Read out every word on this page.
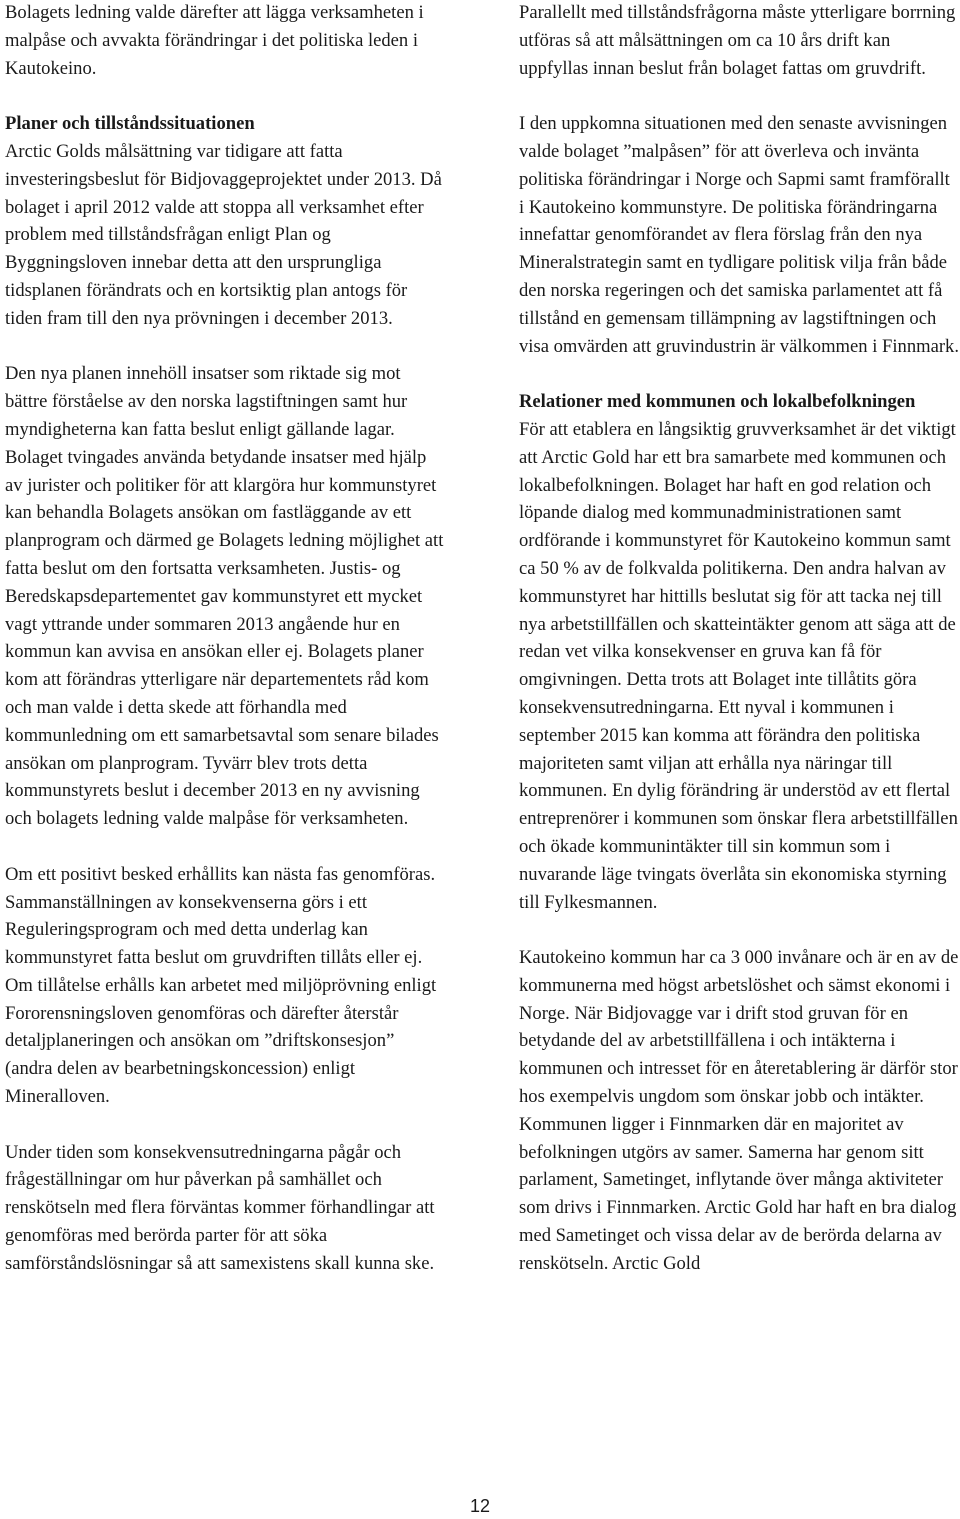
Bolagets ledning valde därefter att lägga verksamheten i malpåse och avvakta förändringar i det politiska leden i Kautokeino.

Planer och tillståndssituationen
Arctic Golds målsättning var tidigare att fatta investeringsbeslut för Bidjovaggeprojektet under 2013. Då bolaget i april 2012 valde att stoppa all verksamhet efter problem med tillståndsfrågan enligt Plan og Byggningsloven innebar detta att den ursprungliga tidsplanen förändrats och en kortsiktig plan antogs för tiden fram till den nya prövningen i december 2013.

Den nya planen innehöll insatser som riktade sig mot bättre förståelse av den norska lagstiftningen samt hur myndigheterna kan fatta beslut enligt gällande lagar. Bolaget tvingades använda betydande insatser med hjälp av jurister och politiker för att klargöra hur kommunstyret kan behandla Bolagets ansökan om fastläggande av ett planprogram och därmed ge Bolagets ledning möjlighet att fatta beslut om den fortsatta verksamheten. Justis- og Beredskapsdepartementet gav kommunstyret ett mycket vagt yttrande under sommaren 2013 angående hur en kommun kan avvisa en ansökan eller ej. Bolagets planer kom att förändras ytterligare när departementets råd kom och man valde i detta skede att förhandla med kommunledning om ett samarbetsavtal som senare bilades ansökan om planprogram. Tyvärr blev trots detta kommunstyrets beslut i december 2013 en ny avvisning och bolagets ledning valde malpåse för verksamheten.

Om ett positivt besked erhållits kan nästa fas genomföras. Sammanställningen av konsekvenserna görs i ett Reguleringsprogram och med detta underlag kan kommunstyret fatta beslut om gruvdriften tillåts eller ej. Om tillåtelse erhålls kan arbetet med miljöprövning enligt Fororensningsloven genomföras och därefter återstår detaljplaneringen och ansökan om ”driftskonsesjon” (andra delen av bearbetningskoncession) enligt Mineralloven.

Under tiden som konsekvensutredningarna pågår och frågeställningar om hur påverkan på samhället och renskötseln med flera förväntas kommer förhandlingar att genomföras med berörda parter för att söka samförståndslösningar så att samexistens skall kunna ske.

Parallellt med tillståndsfrågorna måste ytterligare borrning utföras så att målsättningen om ca 10 års drift kan uppfyllas innan beslut från bolaget fattas om gruvdrift.

I den uppkomna situationen med den senaste avvisningen valde bolaget ”malpåsen” för att överleva och invänta politiska förändringar i Norge och Sapmi samt framförallt i Kautokeino kommunstyre. De politiska förändringarna innefattar genomförandet av flera förslag från den nya Mineralstrategin samt en tydligare politisk vilja från både den norska regeringen och det samiska parlamentet att få tillstånd en gemensam tillämpning av lagstiftningen och visa omvärden att gruvindustrin är välkommen i Finnmark.

Relationer med kommunen och lokalbefolkningen
För att etablera en långsiktig gruvverksamhet är det viktigt att Arctic Gold har ett bra samarbete med kommunen och lokalbefolkningen. Bolaget har haft en god relation och löpande dialog med kommunadministrationen samt ordförande i kommunstyret för Kautokeino kommun samt ca 50 % av de folkvalda politikerna. Den andra halvan av kommunstyret har hittills beslutat sig för att tacka nej till nya arbetstillfällen och skatteintäkter genom att säga att de redan vet vilka konsekvenser en gruva kan få för omgivningen. Detta trots att Bolaget inte tillåtits göra konsekvensutredningarna. Ett nyval i kommunen i september 2015 kan komma att förändra den politiska majoriteten samt viljan att erhålla nya näringar till kommunen. En dylig förändring är understöd av ett flertal entreprenörer i kommunen som önskar flera arbetstillfällen och ökade kommunintäkter till sin kommun som i nuvarande läge tvingats överlåta sin ekonomiska styrning till Fylkesmannen.

Kautokeino kommun har ca 3 000 invånare och är en av de kommunerna med högst arbetslöshet och sämst ekonomi i Norge. När Bidjovagge var i drift stod gruvan för en betydande del av arbetstillfällena i och intäkterna i kommunen och intresset för en återetablering är därför stor hos exempelvis ungdom som önskar jobb och intäkter. Kommunen ligger i Finnmarken där en majoritet av befolkningen utgörs av samer. Samerna har genom sitt parlament, Sametinget, inflytande över många aktiviteter som drivs i Finnmarken. Arctic Gold har haft en bra dialog med Sametinget och vissa delar av de berörda delarna av renskötseln. Arctic Gold

12
